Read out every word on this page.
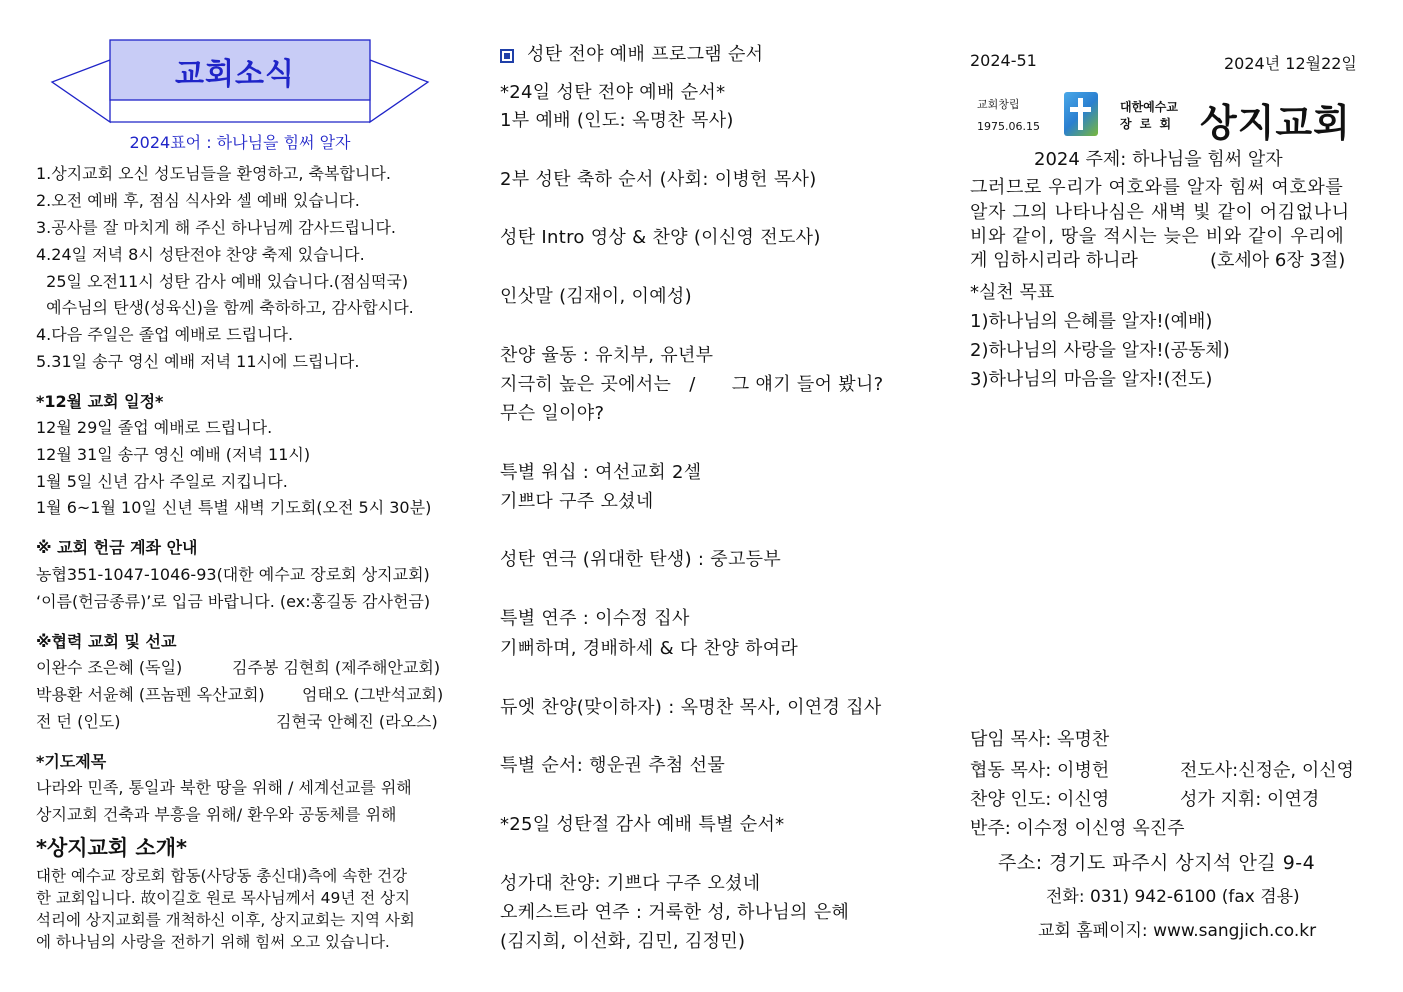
교회소식
2024표어 : 하나님을 힘써 알자
1.상지교회 오신 성도님들을 환영하고, 축복합니다.
2.오전 예배 후, 점심 식사와 셀 예배 있습니다.
3.공사를 잘 마치게 해 주신 하나님께 감사드립니다.
4.24일 저녁 8시 성탄전야 찬양 축제 있습니다.
25일 오전11시 성탄 감사 예배 있습니다.(점심떡국)
예수님의 탄생(성육신)을 함께 축하하고, 감사합시다.
4.다음 주일은 졸업 예배로 드립니다.
5.31일 송구 영신 예배 저녁 11시에 드립니다.
*12월 교회 일정*
12월 29일 졸업 예배로 드립니다.
12월 31일 송구 영신 예배 (저녁 11시)
1월 5일 신년 감사 주일로 지킵니다.
1월 6~1월 10일 신년 특별 새벽 기도회(오전 5시 30분)
※ 교회 헌금 계좌 안내
농협351-1047-1046-93(대한 예수교 장로회 상지교회)
‘이름(헌금종류)’로 입금 바랍니다. (ex:홍길동 감사헌금)
※협력 교회 및 선교
이완수 조은혜 (독일)	김주봉 김현희 (제주해안교회)
박용환 서윤혜 (프놈펜 옥산교회) 엄태오 (그반석교회)
전 던 (인도)	김현국 안혜진 (라오스)
*기도제목
나라와 민족, 통일과 북한 땅을 위해 / 세계선교를 위해
상지교회 건축과 부흥을 위해/ 환우와 공동체를 위해
*상지교회 소개*
대한 예수교 장로회 합동(사당동 총신대)측에 속한 건강
한 교회입니다. 故이길호 원로 목사님께서 49년 전 상지
석리에 상지교회를 개척하신 이후, 상지교회는 지역 사회
에 하나님의 사랑을 전하기 위해 힘써 오고 있습니다.
성탄 전야 예배 프로그램 순서
*24일 성탄 전야 예배 순서*
1부 예배 (인도: 옥명찬 목사)
2부 성탄 축하 순서 (사회: 이병헌 목사)
성탄 Intro 영상 & 찬양 (이신영 전도사)
인삿말 (김재이, 이예성)
찬양 율동 : 유치부, 유년부
지극히 높은 곳에서는   /      그 얘기 들어 봤니?
무슨 일이야?
특별 워십 : 여선교회 2셀
기쁘다 구주 오셨네
성탄 연극 (위대한 탄생) : 중고등부
특별 연주 : 이수정 집사
기뻐하며, 경배하세 & 다 찬양 하여라
듀엣 찬양(맞이하자) : 옥명찬 목사, 이연경 집사
특별 순서: 행운권 추첨 선물
*25일 성탄절 감사 예배 특별 순서*
성가대 찬양: 기쁘다 구주 오셨네
오케스트라 연주 : 거룩한 성, 하나님의 은혜
(김지희, 이선화, 김민, 김정민)
2024-51	2024년 12월22일
교회창립
1975.06.15
대한예수교
장 로 회 상지교회
2024 주제: 하나님을 힘써 알자
그러므로 우리가 여호와를 알자 힘써 여호와를
알자 그의 나타나심은 새벽 빛 같이 어김없나니
비와 같이, 땅을 적시는 늦은 비와 같이 우리에
게 임하시리라 하니라	(호세아 6장 3절)
*실천 목표
1)하나님의 은혜를 알자!(예배)
2)하나님의 사랑을 알자!(공동체)
3)하나님의 마음을 알자!(전도)
담임 목사: 옥명찬
협동 목사: 이병헌	전도사:신정순, 이신영
찬양 인도: 이신영	성가 지휘: 이연경
반주: 이수정 이신영 옥진주
주소: 경기도 파주시 상지석 안길 9-4
전화: 031) 942-6100 (fax 겸용)
교회 홈페이지: www.sangjich.co.kr
